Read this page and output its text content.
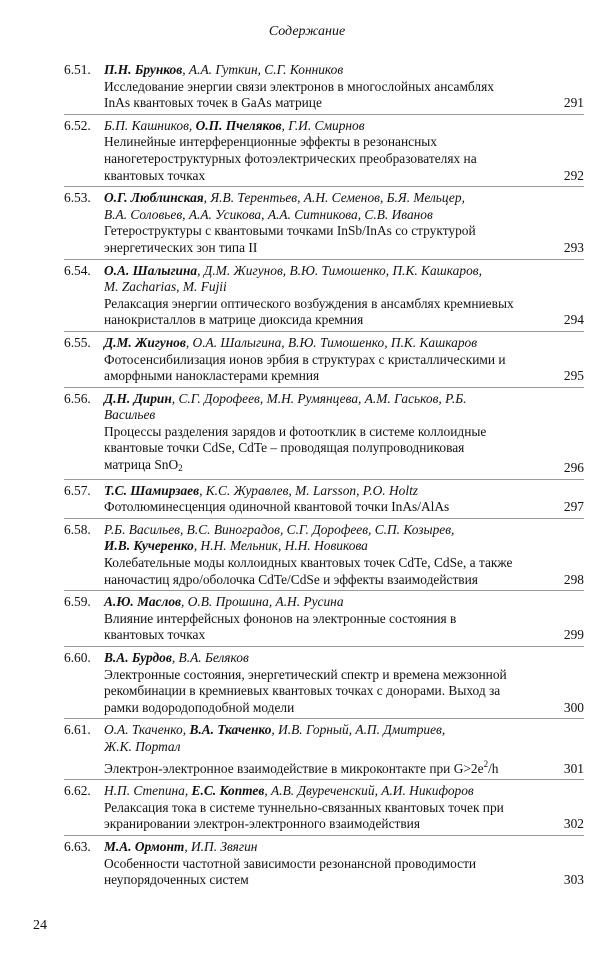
Содержание
6.51. П.Н. Брунков, А.А. Гуткин, С.Г. Конников
Исследование энергии связи электронов в многослойных ансамблях
InAs квантовых точек в GaAs матрице	291
6.52. Б.П. Кашников, О.П. Пчеляков, Г.И. Смирнов
Нелинейные интерференционные эффекты в резонансных
наногетероструктурных фотоэлектрических преобразователях на
квантовых точках	292
6.53. О.Г. Люблинская, Я.В. Терентьев, А.Н. Семенов, Б.Я. Мельцер,
В.А. Соловьев, А.А. Усикова, А.А. Ситникова, С.В. Иванов
Гетероструктуры с квантовыми точками InSb/InAs со структурой
энергетических зон типа II	293
6.54. О.А. Шалыгина, Д.М. Жигунов, В.Ю. Тимошенко, П.К. Кашкаров,
M. Zacharias, M. Fujii
Релаксация энергии оптического возбуждения в ансамблях кремниевых
нанокристаллов в матрице диоксида кремния	294
6.55. Д.М. Жигунов, О.А. Шалыгина, В.Ю. Тимошенко, П.К. Кашкаров
Фотосенсибилизация ионов эрбия в структурах с кристаллическими и
аморфными нанокластерами кремния	295
6.56. Д.Н. Дирин, С.Г. Дорофеев, М.Н. Румянцева, А.М. Гаськов, Р.Б.
Васильев
Процессы разделения зарядов и фотоотклик в системе коллоидные
квантовые точки CdSe, CdTe – проводящая полупроводниковая
матрица SnO$_2$	296
6.57. Т.С. Шамирзаев, К.С. Журавлев, M. Larsson, P.O. Holtz
Фотолюминесценция одиночной квантовой точки InAs/AlAs	297
6.58. Р.Б. Васильев, В.С. Виноградов, С.Г. Дорофеев, С.П. Козырев,
И.В. Кучеренко, Н.Н. Мельник, Н.Н. Новикова
Колебательные моды коллоидных квантовых точек CdTe, CdSe, а также
наночастиц ядро/оболочка CdTe/CdSe и эффекты взаимодействия	298
6.59. А.Ю. Маслов, О.В. Прошина, А.Н. Русина
Влияние интерфейсных фононов на электронные состояния в
квантовых точках	299
6.60. В.А. Бурдов, В.А. Беляков
Электронные состояния, энергетический спектр и времена межзонной
рекомбинации в кремниевых квантовых точках с донорами. Выход за
рамки водородоподобной модели	300
6.61. О.А. Ткаченко, В.А. Ткаченко, И.В. Горный, А.П. Дмитриев,
Ж.К. Портал
Электрон-электронное взаимодействие в микроконтакте при $G>2e^2/h$	301
6.62. Н.П. Степина, Е.С. Коптев, А.В. Двуреченский, А.И. Никифоров
Релаксация тока в системе туннельно-связанных квантовых точек при
экранировании электрон-электронного взаимодействия	302
6.63. М.А. Ормонт, И.П. Звягин
Особенности частотной зависимости резонансной проводимости
неупорядоченных систем	303
24
